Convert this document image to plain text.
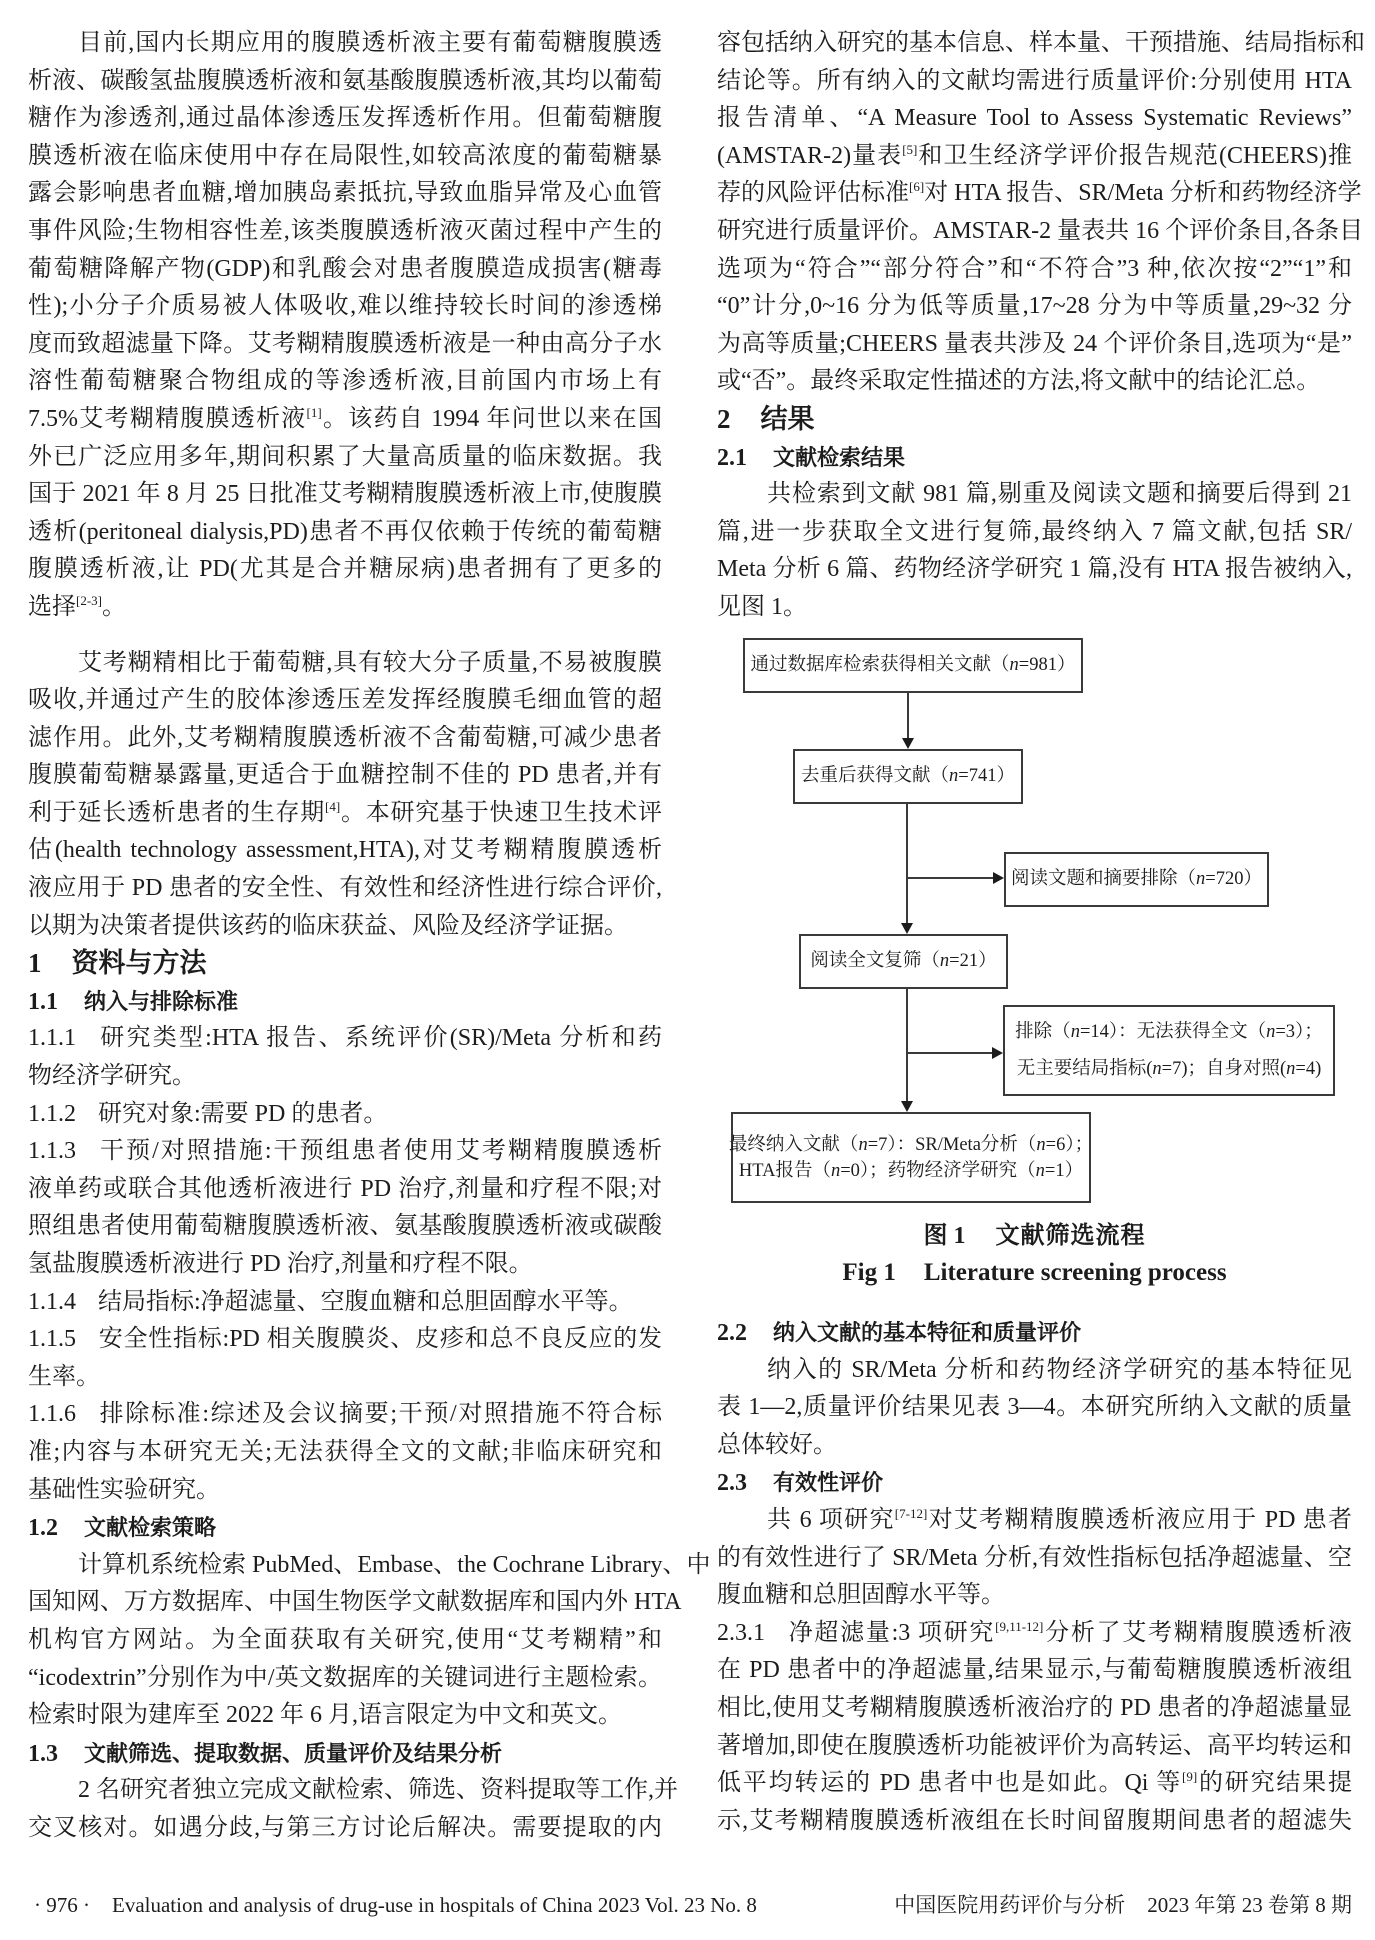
目前,国内长期应用的腹膜透析液主要有葡萄糖腹膜透
析液、碳酸氢盐腹膜透析液和氨基酸腹膜透析液,其均以葡萄
糖作为渗透剂,通过晶体渗透压发挥透析作用。但葡萄糖腹
膜透析液在临床使用中存在局限性,如较高浓度的葡萄糖暴
露会影响患者血糖,增加胰岛素抵抗,导致血脂异常及心血管
事件风险;生物相容性差,该类腹膜透析液灭菌过程中产生的
葡萄糖降解产物(GDP)和乳酸会对患者腹膜造成损害(糖毒
性);小分子介质易被人体吸收,难以维持较长时间的渗透梯
度而致超滤量下降。艾考糊精腹膜透析液是一种由高分子水
溶性葡萄糖聚合物组成的等渗透析液,目前国内市场上有
7.5%艾考糊精腹膜透析液[1]。该药自 1994 年问世以来在国
外已广泛应用多年,期间积累了大量高质量的临床数据。我
国于 2021 年 8 月 25 日批准艾考糊精腹膜透析液上市,使腹膜
透析(peritoneal dialysis,PD)患者不再仅依赖于传统的葡萄糖
腹膜透析液,让 PD(尤其是合并糖尿病)患者拥有了更多的
选择[2-3]。
艾考糊精相比于葡萄糖,具有较大分子质量,不易被腹膜
吸收,并通过产生的胶体渗透压差发挥经腹膜毛细血管的超
滤作用。此外,艾考糊精腹膜透析液不含葡萄糖,可减少患者
腹膜葡萄糖暴露量,更适合于血糖控制不佳的 PD 患者,并有
利于延长透析患者的生存期[4]。本研究基于快速卫生技术评
估(health technology assessment,HTA),对艾考糊精腹膜透析
液应用于 PD 患者的安全性、有效性和经济性进行综合评价,
以期为决策者提供该药的临床获益、风险及经济学证据。
1 资料与方法
1.1 纳入与排除标准
1.1.1 研究类型:HTA 报告、系统评价(SR)/Meta 分析和药
物经济学研究。
1.1.2 研究对象:需要 PD 的患者。
1.1.3 干预/对照措施:干预组患者使用艾考糊精腹膜透析
液单药或联合其他透析液进行 PD 治疗,剂量和疗程不限;对
照组患者使用葡萄糖腹膜透析液、氨基酸腹膜透析液或碳酸
氢盐腹膜透析液进行 PD 治疗,剂量和疗程不限。
1.1.4 结局指标:净超滤量、空腹血糖和总胆固醇水平等。
1.1.5 安全性指标:PD 相关腹膜炎、皮疹和总不良反应的发
生率。
1.1.6 排除标准:综述及会议摘要;干预/对照措施不符合标
准;内容与本研究无关;无法获得全文的文献;非临床研究和
基础性实验研究。
1.2 文献检索策略
计算机系统检索 PubMed、Embase、the Cochrane Library、中
国知网、万方数据库、中国生物医学文献数据库和国内外 HTA
机构官方网站。为全面获取有关研究,使用“艾考糊精”和
“icodextrin”分别作为中/英文数据库的关键词进行主题检索。
检索时限为建库至 2022 年 6 月,语言限定为中文和英文。
1.3 文献筛选、提取数据、质量评价及结果分析
2 名研究者独立完成文献检索、筛选、资料提取等工作,并
交叉核对。如遇分歧,与第三方讨论后解决。需要提取的内
容包括纳入研究的基本信息、样本量、干预措施、结局指标和
结论等。所有纳入的文献均需进行质量评价:分别使用 HTA
报告清单、“A Measure Tool to Assess Systematic Reviews”
(AMSTAR-2)量表[5]和卫生经济学评价报告规范(CHEERS)推
荐的风险评估标准[6]对 HTA 报告、SR/Meta 分析和药物经济学
研究进行质量评价。AMSTAR-2 量表共 16 个评价条目,各条目
选项为“符合”“部分符合”和“不符合”3 种,依次按“2”“1”和
“0”计分,0~16 分为低等质量,17~28 分为中等质量,29~32 分
为高等质量;CHEERS 量表共涉及 24 个评价条目,选项为“是”
或“否”。最终采取定性描述的方法,将文献中的结论汇总。
2 结果
2.1 文献检索结果
共检索到文献 981 篇,剔重及阅读文题和摘要后得到 21
篇,进一步获取全文进行复筛,最终纳入 7 篇文献,包括 SR/
Meta 分析 6 篇、药物经济学研究 1 篇,没有 HTA 报告被纳入,
见图 1。
通过数据库检索获得相关文献（n=981）
去重后获得文献（n=741）
阅读文题和摘要排除（n=720）
阅读全文复筛（n=21）
排除（n=14）：无法获得全文（n=3）；
无主要结局指标(n=7)；自身对照(n=4)
最终纳入文献（n=7）：SR/Meta分析（n=6）；
HTA报告（n=0）；药物经济学研究（n=1）
图 1 文献筛选流程
Fig 1 Literature screening process
2.2 纳入文献的基本特征和质量评价
纳入的 SR/Meta 分析和药物经济学研究的基本特征见
表 1—2,质量评价结果见表 3—4。本研究所纳入文献的质量
总体较好。
2.3 有效性评价
共 6 项研究[7-12]对艾考糊精腹膜透析液应用于 PD 患者
的有效性进行了 SR/Meta 分析,有效性指标包括净超滤量、空
腹血糖和总胆固醇水平等。
2.3.1 净超滤量:3 项研究[9,11-12]分析了艾考糊精腹膜透析液
在 PD 患者中的净超滤量,结果显示,与葡萄糖腹膜透析液组
相比,使用艾考糊精腹膜透析液治疗的 PD 患者的净超滤量显
著增加,即使在腹膜透析功能被评价为高转运、高平均转运和
低平均转运的 PD 患者中也是如此。Qi 等[9]的研究结果提
示,艾考糊精腹膜透析液组在长时间留腹期间患者的超滤失
· 976 · Evaluation and analysis of drug-use in hospitals of China 2023 Vol. 23 No. 8	中国医院用药评价与分析 2023 年第 23 卷第 8 期
